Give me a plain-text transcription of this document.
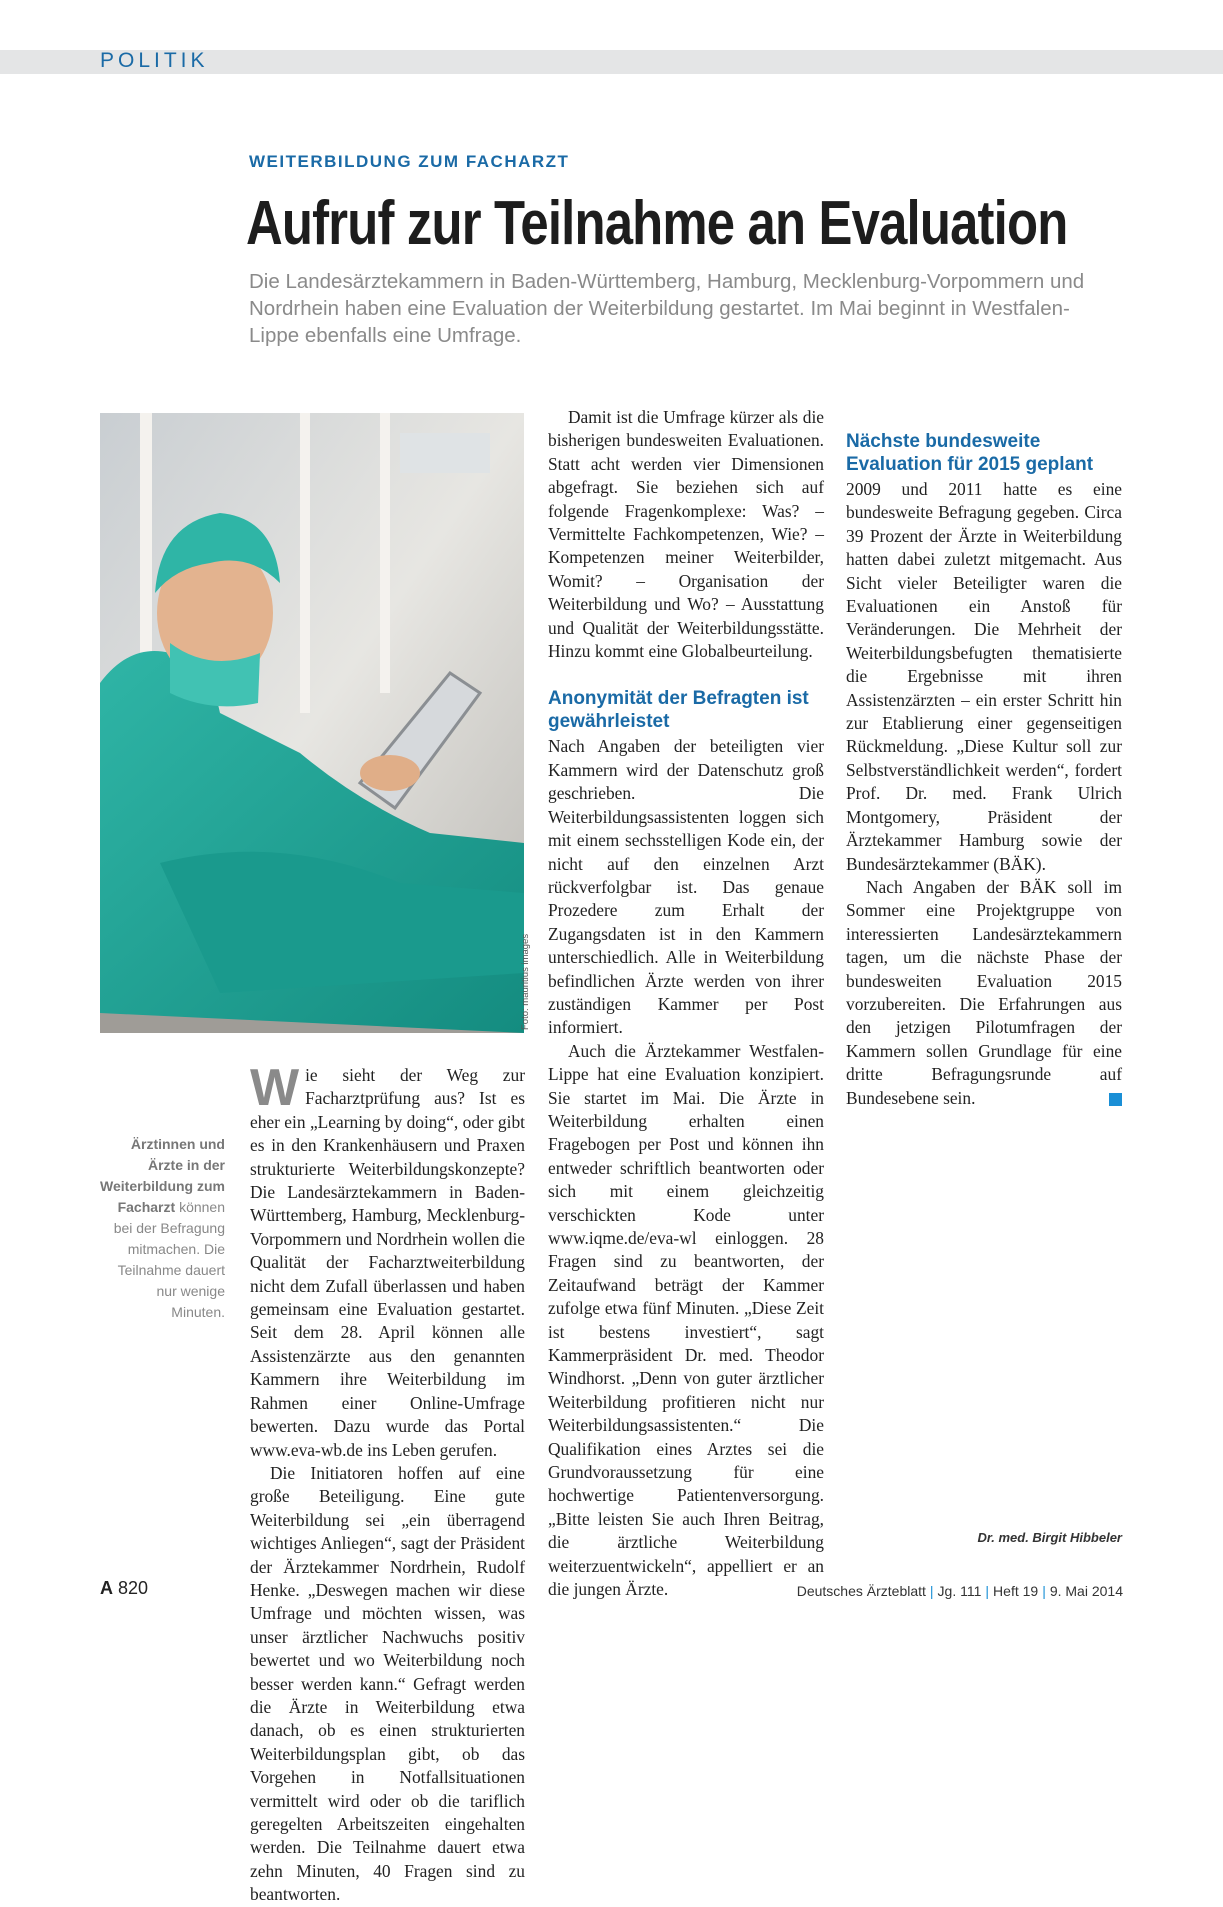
POLITIK
WEITERBILDUNG ZUM FACHARZT
Aufruf zur Teilnahme an Evaluation
Die Landesärztekammern in Baden-Württemberg, Hamburg, Mecklenburg-Vorpommern und Nordrhein haben eine Evaluation der Weiterbildung gestartet. Im Mai beginnt in Westfalen-Lippe ebenfalls eine Umfrage.
Foto: mauritius images
Ärztinnen und Ärzte in der Weiterbildung zum Facharzt können bei der Befragung mitmachen. Die Teilnahme dauert nur wenige Minuten.

Wie sieht der Weg zur Facharztprüfung aus? Ist es eher ein „Learning by doing“, oder gibt es in den Krankenhäusern und Praxen strukturierte Weiterbildungskonzepte? Die Landesärztekammern in Baden-Württemberg, Hamburg, Mecklenburg-Vorpommern und Nordrhein wollen die Qualität der Facharztweiterbildung nicht dem Zufall überlassen und haben gemeinsam eine Evaluation gestartet. Seit dem 28. April können alle Assistenzärzte aus den genannten Kammern ihre Weiterbildung im Rahmen einer Online-Umfrage bewerten. Dazu wurde das Portal www.eva-wb.de ins Leben gerufen.

Die Initiatoren hoffen auf eine große Beteiligung. Eine gute Weiterbildung sei „ein überragend wichtiges Anliegen“, sagt der Präsident der Ärztekammer Nordrhein, Rudolf Henke. „Deswegen machen wir diese Umfrage und möchten wissen, was unser ärztlicher Nachwuchs positiv bewertet und wo Weiterbildung noch besser werden kann.“ Gefragt werden die Ärzte in Weiterbildung etwa danach, ob es einen strukturierten Weiterbildungsplan gibt, ob das Vorgehen in Notfallsituationen vermittelt wird oder ob die tariflich geregelten Arbeitszeiten eingehalten werden. Die Teilnahme dauert etwa zehn Minuten, 40 Fragen sind zu beantworten.

Damit ist die Umfrage kürzer als die bisherigen bundesweiten Evaluationen. Statt acht werden vier Dimensionen abgefragt. Sie beziehen sich auf folgende Fragenkomplexe: Was? – Vermittelte Fachkompetenzen, Wie? – Kompetenzen meiner Weiterbilder, Womit? – Organisation der Weiterbildung und Wo? – Ausstattung und Qualität der Weiterbildungsstätte. Hinzu kommt eine Globalbeurteilung.

Anonymität der Befragten ist gewährleistet

Nach Angaben der beteiligten vier Kammern wird der Datenschutz groß geschrieben. Die Weiterbildungsassistenten loggen sich mit einem sechsstelligen Kode ein, der nicht auf den einzelnen Arzt rückverfolgbar ist. Das genaue Prozedere zum Erhalt der Zugangsdaten ist in den Kammern unterschiedlich. Alle in Weiterbildung befindlichen Ärzte werden von ihrer zuständigen Kammer per Post informiert.

Auch die Ärztekammer Westfalen-Lippe hat eine Evaluation konzipiert. Sie startet im Mai. Die Ärzte in Weiterbildung erhalten einen Fragebogen per Post und können ihn entweder schriftlich beantworten oder sich mit einem gleichzeitig verschickten Kode unter www.iqme.de/eva-wl einloggen. 28 Fragen sind zu beantworten, der Zeitaufwand beträgt der Kammer zufolge etwa fünf Minuten. „Diese Zeit ist bestens investiert“, sagt Kammerpräsident Dr. med. Theodor Windhorst. „Denn von guter ärztlicher Weiterbildung profitieren nicht nur Weiterbildungsassistenten.“ Die Qualifikation eines Arztes sei die Grundvoraussetzung für eine hochwertige Patientenversorgung. „Bitte leisten Sie auch Ihren Beitrag, die ärztliche Weiterbildung weiterzuentwickeln“, appelliert er an die jungen Ärzte.

Nächste bundesweite Evaluation für 2015 geplant

2009 und 2011 hatte es eine bundesweite Befragung gegeben. Circa 39 Prozent der Ärzte in Weiterbildung hatten dabei zuletzt mitgemacht. Aus Sicht vieler Beteiligter waren die Evaluationen ein Anstoß für Veränderungen. Die Mehrheit der Weiterbildungsbefugten thematisierte die Ergebnisse mit ihren Assistenzärzten – ein erster Schritt hin zur Etablierung einer gegenseitigen Rückmeldung. „Diese Kultur soll zur Selbstverständlichkeit werden“, fordert Prof. Dr. med. Frank Ulrich Montgomery, Präsident der Ärztekammer Hamburg sowie der Bundesärztekammer (BÄK).

Nach Angaben der BÄK soll im Sommer eine Projektgruppe von interessierten Landesärztekammern tagen, um die nächste Phase der bundesweiten Evaluation 2015 vorzubereiten. Die Erfahrungen aus den jetzigen Pilotumfragen der Kammern sollen Grundlage für eine dritte Befragungsrunde auf Bundesebene sein.

Dr. med. Birgit Hibbeler
A 820	Deutsches Ärzteblatt | Jg. 111 | Heft 19 | 9. Mai 2014
